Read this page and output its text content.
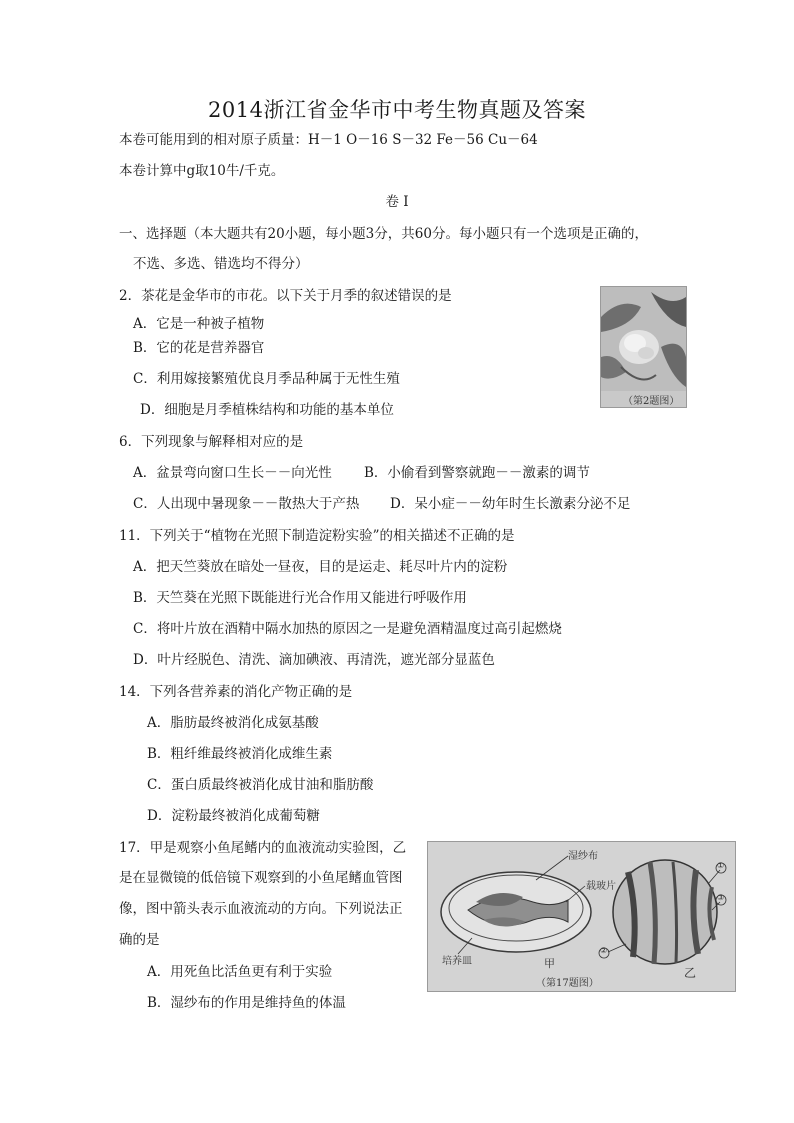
2014浙江省金华市中考生物真题及答案
本卷可能用到的相对原子质量：H－1 O－16 S－32 Fe－56 Cu－64
本卷计算中g取10牛/千克。
卷 Ⅰ
一、选择题（本大题共有20小题，每小题3分，共60分。每小题只有一个选项是正确的，
不选、多选、错选均不得分）
2．茶花是金华市的市花。以下关于月季的叙述错误的是
A．它是一种被子植物
B．它的花是营养器官
C．利用嫁接繁殖优良月季品种属于无性生殖
D．细胞是月季植株结构和功能的基本单位
（第2题图）
6．下列现象与解释相对应的是
A．盆景弯向窗口生长－－向光性 B．小偷看到警察就跑－－激素的调节
C．人出现中暑现象－－散热大于产热 D．呆小症－－幼年时生长激素分泌不足
11．下列关于“植物在光照下制造淀粉实验”的相关描述不正确的是
A．把天竺葵放在暗处一昼夜，目的是运走、耗尽叶片内的淀粉
B．天竺葵在光照下既能进行光合作用又能进行呼吸作用
C．将叶片放在酒精中隔水加热的原因之一是避免酒精温度过高引起燃烧
D．叶片经脱色、清洗、滴加碘液、再清洗，遮光部分显蓝色
14．下列各营养素的消化产物正确的是
A．脂肪最终被消化成氨基酸
B．粗纤维最终被消化成维生素
C．蛋白质最终被消化成甘油和脂肪酸
D．淀粉最终被消化成葡萄糖
17．甲是观察小鱼尾鳍内的血液流动实验图，乙
是在显微镜的低倍镜下观察到的小鱼尾鳍血管图
像，图中箭头表示血液流动的方向。下列说法正
确的是
A．用死鱼比活鱼更有利于实验
B．湿纱布的作用是维持鱼的体温
湿纱布
载玻片
培养皿	甲
乙
①
②
③
（第17题图）
